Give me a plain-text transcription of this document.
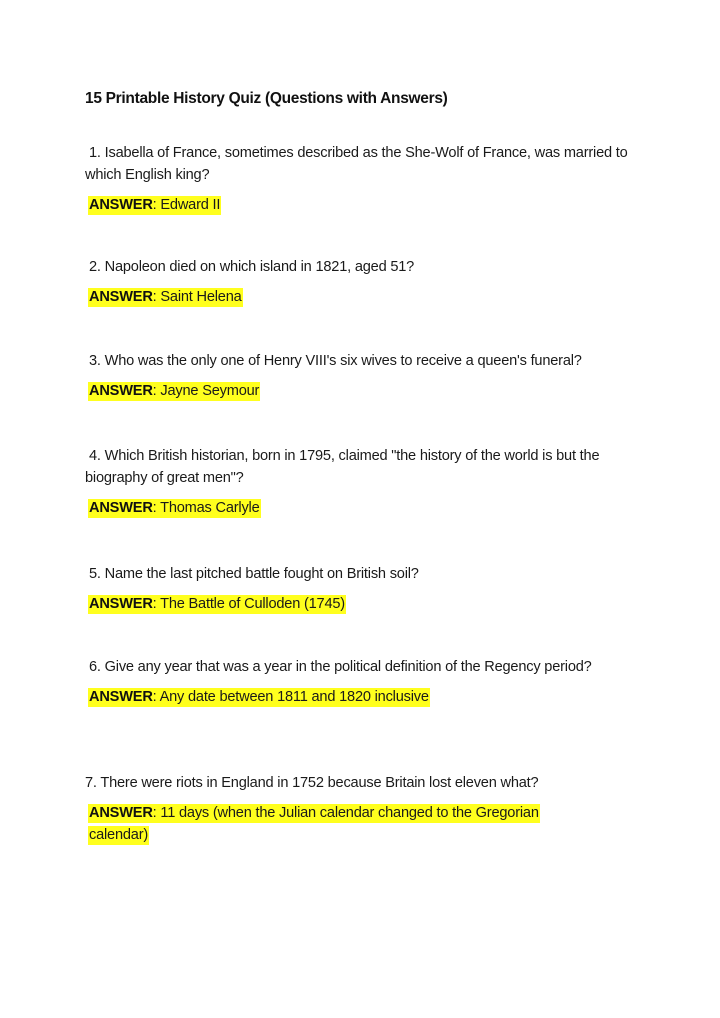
15 Printable History Quiz (Questions with Answers)

1. Isabella of France, sometimes described as the She-Wolf of France, was married to which English king?

ANSWER: Edward II

2. Napoleon died on which island in 1821, aged 51?

ANSWER: Saint Helena

3. Who was the only one of Henry VIII's six wives to receive a queen's funeral?

ANSWER: Jayne Seymour

4. Which British historian, born in 1795, claimed "the history of the world is but the biography of great men"?

ANSWER: Thomas Carlyle

5. Name the last pitched battle fought on British soil?

ANSWER: The Battle of Culloden (1745)

6. Give any year that was a year in the political definition of the Regency period?

ANSWER: Any date between 1811 and 1820 inclusive

7. There were riots in England in 1752 because Britain lost eleven what?

ANSWER: 11 days (when the Julian calendar changed to the Gregorian calendar)
